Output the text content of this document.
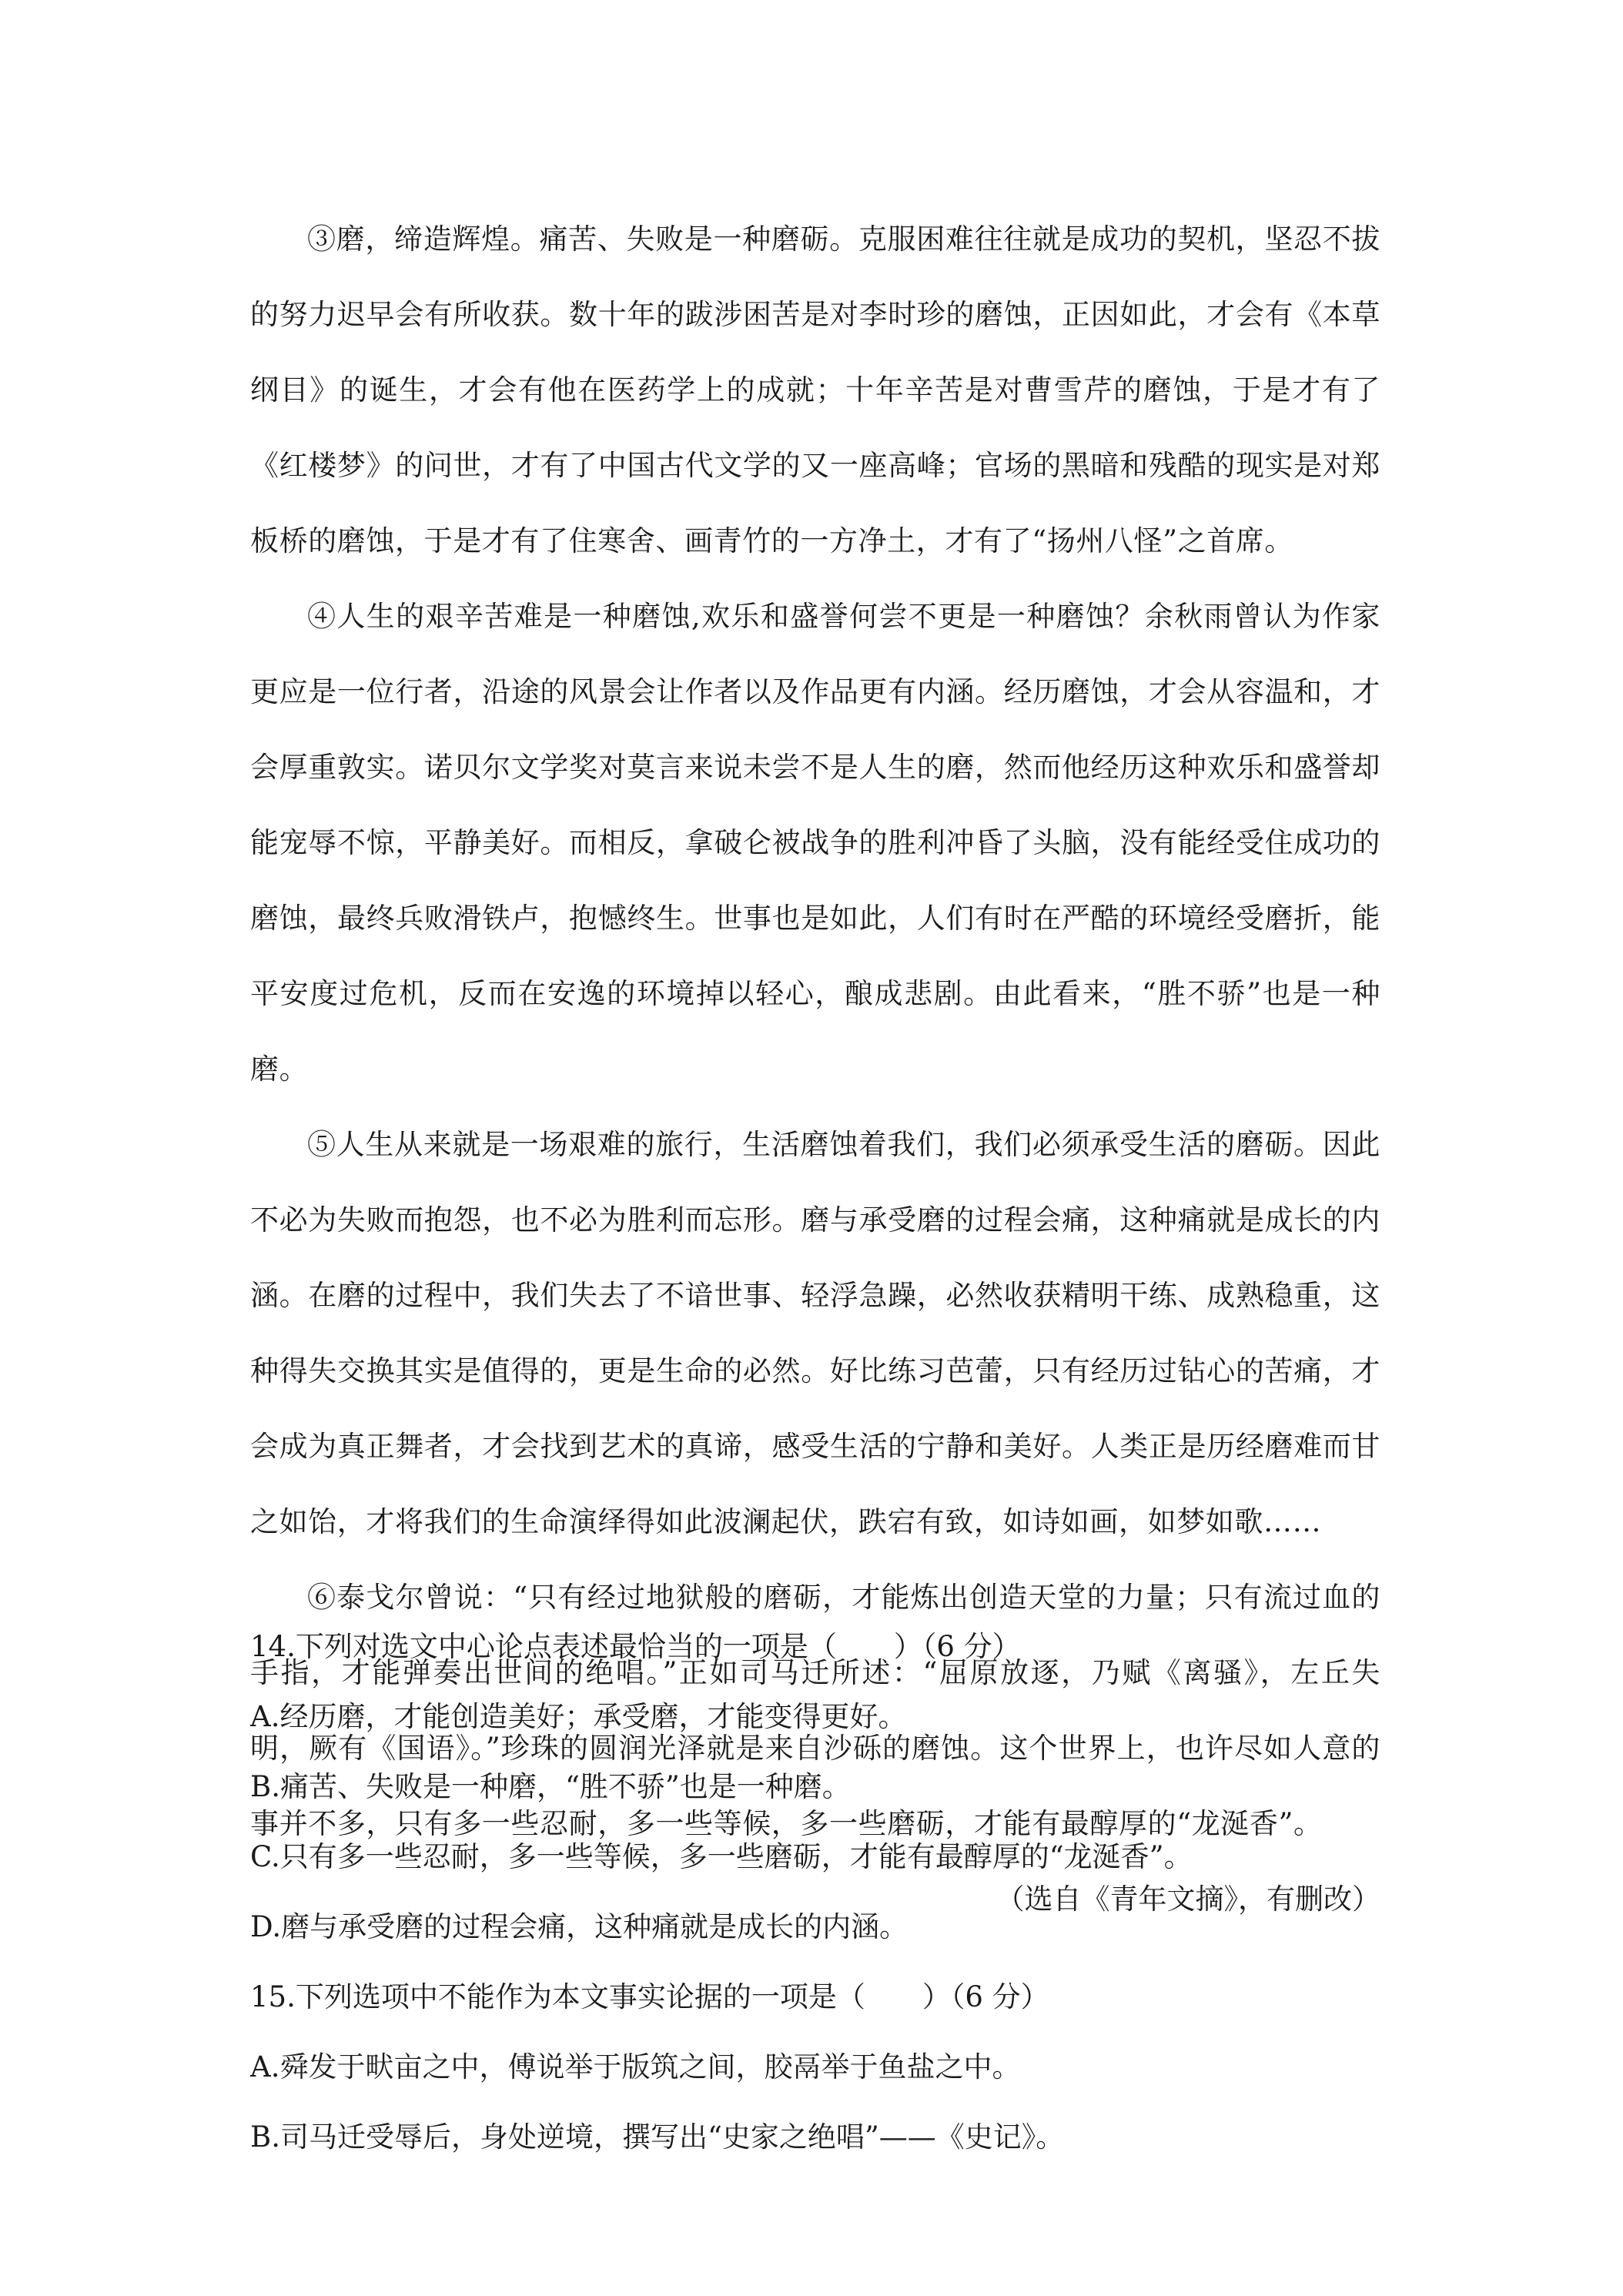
③磨，缔造辉煌。痛苦、失败是一种磨砺。克服困难往往就是成功的契机，坚忍不拔的努力迟早会有所收获。数十年的跋涉困苦是对李时珍的磨蚀，正因如此，才会有《本草纲目》的诞生，才会有他在医药学上的成就；十年辛苦是对曹雪芹的磨蚀，于是才有了《红楼梦》的问世，才有了中国古代文学的又一座高峰；官场的黑暗和残酷的现实是对郑板桥的磨蚀，于是才有了住寒舍、画青竹的一方净土，才有了“扬州八怪”之首席。

④人生的艰辛苦难是一种磨蚀,欢乐和盛誉何尝不更是一种磨蚀？余秋雨曾认为作家更应是一位行者，沿途的风景会让作者以及作品更有内涵。经历磨蚀，才会从容温和，才会厚重敦实。诺贝尔文学奖对莫言来说未尝不是人生的磨，然而他经历这种欢乐和盛誉却能宠辱不惊，平静美好。而相反，拿破仑被战争的胜利冲昏了头脑，没有能经受住成功的磨蚀，最终兵败滑铁卢，抱憾终生。世事也是如此，人们有时在严酷的环境经受磨折，能平安度过危机，反而在安逸的环境掉以轻心，酿成悲剧。由此看来，“胜不骄”也是一种磨。

⑤人生从来就是一场艰难的旅行，生活磨蚀着我们，我们必须承受生活的磨砺。因此不必为失败而抱怨，也不必为胜利而忘形。磨与承受磨的过程会痛，这种痛就是成长的内涵。在磨的过程中，我们失去了不谙世事、轻浮急躁，必然收获精明干练、成熟稳重，这种得失交换其实是值得的，更是生命的必然。好比练习芭蕾，只有经历过钻心的苦痛，才会成为真正舞者，才会找到艺术的真谛，感受生活的宁静和美好。人类正是历经磨难而甘之如饴，才将我们的生命演绎得如此波澜起伏，跌宕有致，如诗如画，如梦如歌……

⑥泰戈尔曾说：“只有经过地狱般的磨砺，才能炼出创造天堂的力量；只有流过血的手指，才能弹奏出世间的绝唱。”正如司马迁所述：“屈原放逐，乃赋《离骚》，左丘失明，厥有《国语》。”珍珠的圆润光泽就是来自沙砾的磨蚀。这个世界上，也许尽如人意的事并不多，只有多一些忍耐，多一些等候，多一些磨砺，才能有最醇厚的“龙涎香”。

（选自《青年文摘》，有删改）

14.下列对选文中心论点表述最恰当的一项是（　　）（6 分）

A.经历磨，才能创造美好；承受磨，才能变得更好。

B.痛苦、失败是一种磨，“胜不骄”也是一种磨。

C.只有多一些忍耐，多一些等候，多一些磨砺，才能有最醇厚的“龙涎香”。

D.磨与承受磨的过程会痛，这种痛就是成长的内涵。

15.下列选项中不能作为本文事实论据的一项是（　　）（6 分）

A.舜发于畎亩之中，傅说举于版筑之间，胶鬲举于鱼盐之中。

B.司马迁受辱后，身处逆境，撰写出“史家之绝唱”——《史记》。
